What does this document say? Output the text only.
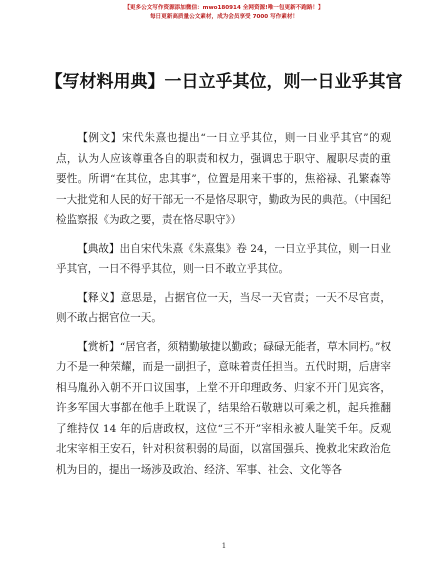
【更多公文写作资源添加微信：mwo180914 全网资源!唯一包更新不跑路！】
每日更新高质量公文素材，成为会员享受 7000 写作素材！
【写材料用典】一日立乎其位，则一日业乎其官

【例文】宋代朱熹也提出“一日立乎其位，则一日业乎其官”的观点，认为人应该尊重各自的职责和权力，强调忠于职守、履职尽责的重要性。所谓“在其位，忠其事”，位置是用来干事的，焦裕禄、孔繁森等一大批党和人民的好干部无一不是恪尽职守，勤政为民的典范。（中国纪检监察报《为政之要，责在恪尽职守》）

【典故】出自宋代朱熹《朱熹集》卷 24，一日立乎其位，则一日业乎其官，一日不得乎其位，则一日不敢立乎其位。

【释义】意思是，占据官位一天，当尽一天官责；一天不尽官责，则不敢占据官位一天。

【赏析】“居官者，须精勤敏捷以勤政；碌碌无能者，草木同朽。”权力不是一种荣耀，而是一副担子，意味着责任担当。五代时期，后唐宰相马胤孙入朝不开口议国事，上堂不开印理政务、归家不开门见宾客，许多军国大事都在他手上耽误了，结果给石敬瑭以可乘之机，起兵推翻了维持仅 14 年的后唐政权，这位“三不开”宰相永被人耻笑千年。反观北宋宰相王安石，针对积贫积弱的局面，以富国强兵、挽救北宋政治危机为目的，提出一场涉及政治、经济、军事、社会、文化等各

1
